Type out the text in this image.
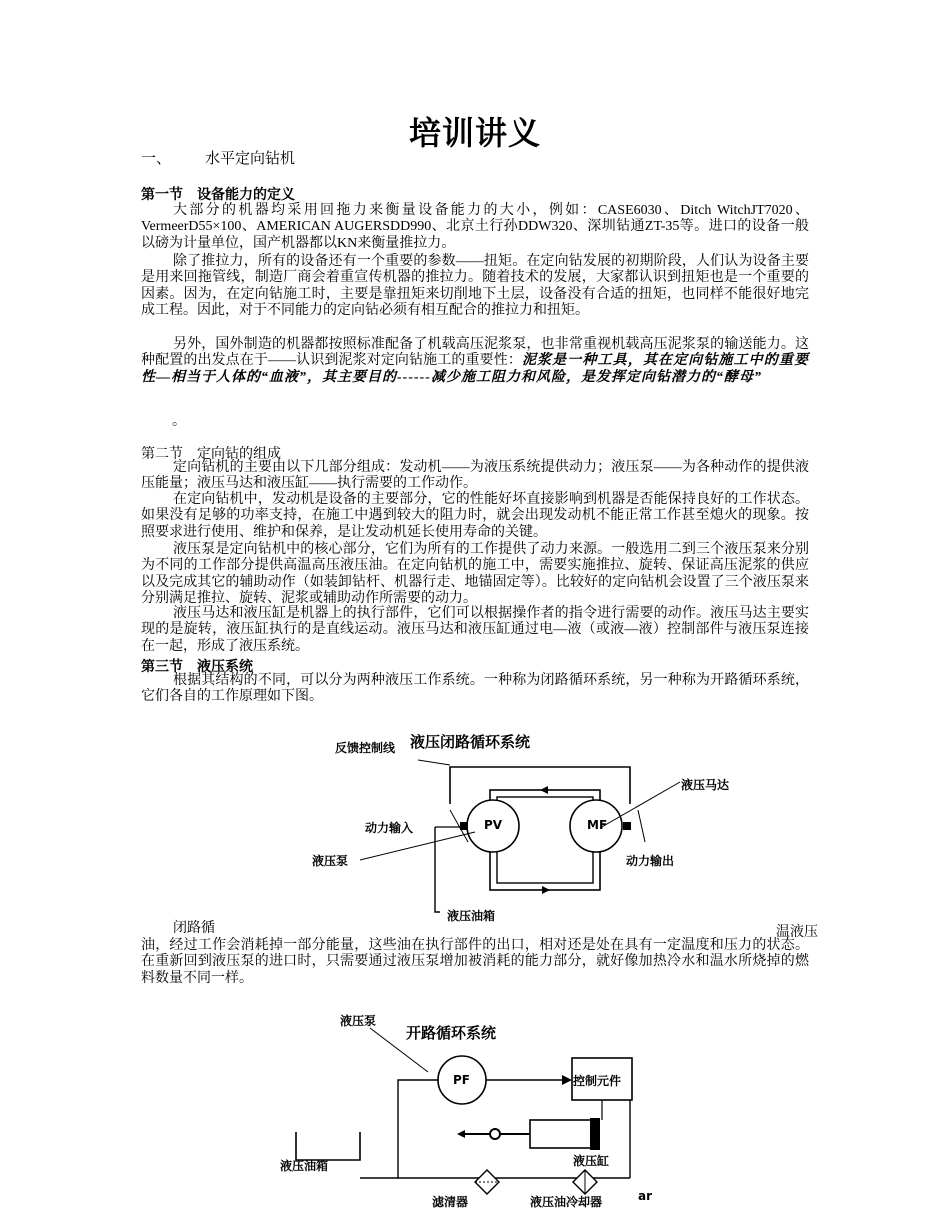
培训讲义
一、 水平定向钻机
第一节　设备能力的定义
大部分的机器均采用回拖力来衡量设备能力的大小，例如：CASE6030、Ditch WitchJT7020、VermeerD55×100、AMERICAN AUGERSDD990、北京土行孙DDW320、深圳钻通ZT-35等。进口的设备一般以磅为计量单位，国产机器都以KN来衡量推拉力。
除了推拉力，所有的设备还有一个重要的参数——扭矩。在定向钻发展的初期阶段，人们认为设备主要是用来回拖管线，制造厂商会着重宣传机器的推拉力。随着技术的发展，大家都认识到扭矩也是一个重要的因素。因为，在定向钻施工时，主要是靠扭矩来切削地下土层，设备没有合适的扭矩，也同样不能很好地完成工程。因此，对于不同能力的定向钻必须有相互配合的推拉力和扭矩。
另外，国外制造的机器都按照标准配备了机载高压泥浆泵，也非常重视机载高压泥浆泵的输送能力。这种配置的出发点在于——认识到泥浆对定向钻施工的重要性：泥浆是一种工具，其在定向钻施工中的重要性—相当于人体的“血液”，其主要目的------减少施工阻力和风险，是发挥定向钻潜力的“酵母”
。
第二节　定向钻的组成
定向钻机的主要由以下几部分组成：发动机——为液压系统提供动力；液压泵——为各种动作的提供液压能量；液压马达和液压缸——执行需要的工作动作。
在定向钻机中，发动机是设备的主要部分，它的性能好坏直接影响到机器是否能保持良好的工作状态。如果没有足够的功率支持，在施工中遇到较大的阻力时，就会出现发动机不能正常工作甚至熄火的现象。按照要求进行使用、维护和保养，是让发动机延长使用寿命的关键。
液压泵是定向钻机中的核心部分，它们为所有的工作提供了动力来源。一般选用二到三个液压泵来分别为不同的工作部分提供高温高压液压油。在定向钻机的施工中，需要实施推拉、旋转、保证高压泥浆的供应以及完成其它的辅助动作（如装卸钻杆、机器行走、地锚固定等）。比较好的定向钻机会设置了三个液压泵来分别满足推拉、旋转、泥浆或辅助动作所需要的动力。
液压马达和液压缸是机器上的执行部件，它们可以根据操作者的指令进行需要的动作。液压马达主要实现的是旋转，液压缸执行的是直线运动。液压马达和液压缸通过电—液（或液—液）控制部件与液压泵连接在一起，形成了液压系统。
第三节　液压系统
根据其结构的不同，可以分为两种液压工作系统。一种称为闭路循环系统，另一种称为开路循环系统，它们各自的工作原理如下图。
液压闭路循环系统
反馈控制线
液压马达
动力输入
液压泵	动力输出
液压油箱
PV	MF
闭路循	温液压
油，经过工作会消耗掉一部分能量，这些油在执行部件的出口，相对还是处在具有一定温度和压力的状态。在重新回到液压泵的进口时，只需要通过液压泵增加被消耗的能力部分，就好像加热冷水和温水所烧掉的燃料数量不同一样。
液压泵
开路循环系统
PF	控制元件
液压缸
液压油箱
滤清器	液压油冷却器	ar
